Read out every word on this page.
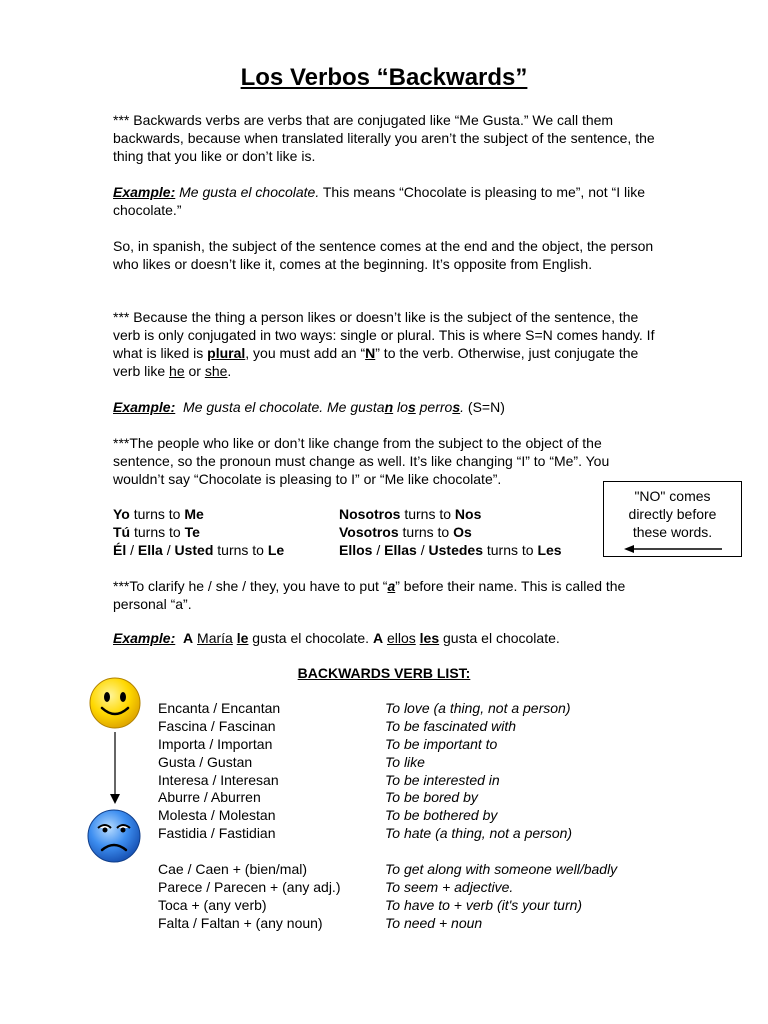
Los Verbos “Backwards”
*** Backwards verbs are verbs that are conjugated like “Me Gusta.” We call them backwards, because when translated literally you aren’t the subject of the sentence, the thing that you like or don’t like is.
Example: Me gusta el chocolate. This means “Chocolate is pleasing to me”, not “I like chocolate.”
So, in spanish, the subject of the sentence comes at the end and the object, the person who likes or doesn’t like it, comes at the beginning. It’s opposite from English.
*** Because the thing a person likes or doesn’t like is the subject of the sentence, the verb is only conjugated in two ways: single or plural. This is where S=N comes handy. If what is liked is plural, you must add an “N” to the verb. Otherwise, just conjugate the verb like he or she.
Example: Me gusta el chocolate. Me gustan los perros. (S=N)
***The people who like or don’t like change from the subject to the object of the sentence, so the pronoun must change as well. It’s like changing “I” to “Me”. You wouldn’t say “Chocolate is pleasing to I” or “Me like chocolate”.
Yo turns to Me
Tú turns to Te
Él / Ella / Usted turns to Le
Nosotros turns to Nos
Vosotros turns to Os
Ellos / Ellas / Ustedes turns to Les
"NO" comes
directly before
these words.
***To clarify he / she / they, you have to put “a” before their name. This is called the personal “a”.
Example: A María le gusta el chocolate. A ellos les gusta el chocolate.
BACKWARDS VERB LIST:
Encanta / Encantan
Fascina / Fascinan
Importa / Importan
Gusta / Gustan
Interesa / Interesan
Aburre / Aburren
Molesta / Molestan
Fastidia / Fastidian
To love (a thing, not a person)
To be fascinated with
To be important to
To like
To be interested in
To be bored by
To be bothered by
To hate (a thing, not a person)
Cae / Caen + (bien/mal)
Parece / Parecen + (any adj.)
Toca + (any verb)
Falta / Faltan + (any noun)
To get along with someone well/badly
To seem + adjective.
To have to + verb (it's your turn)
To need + noun
